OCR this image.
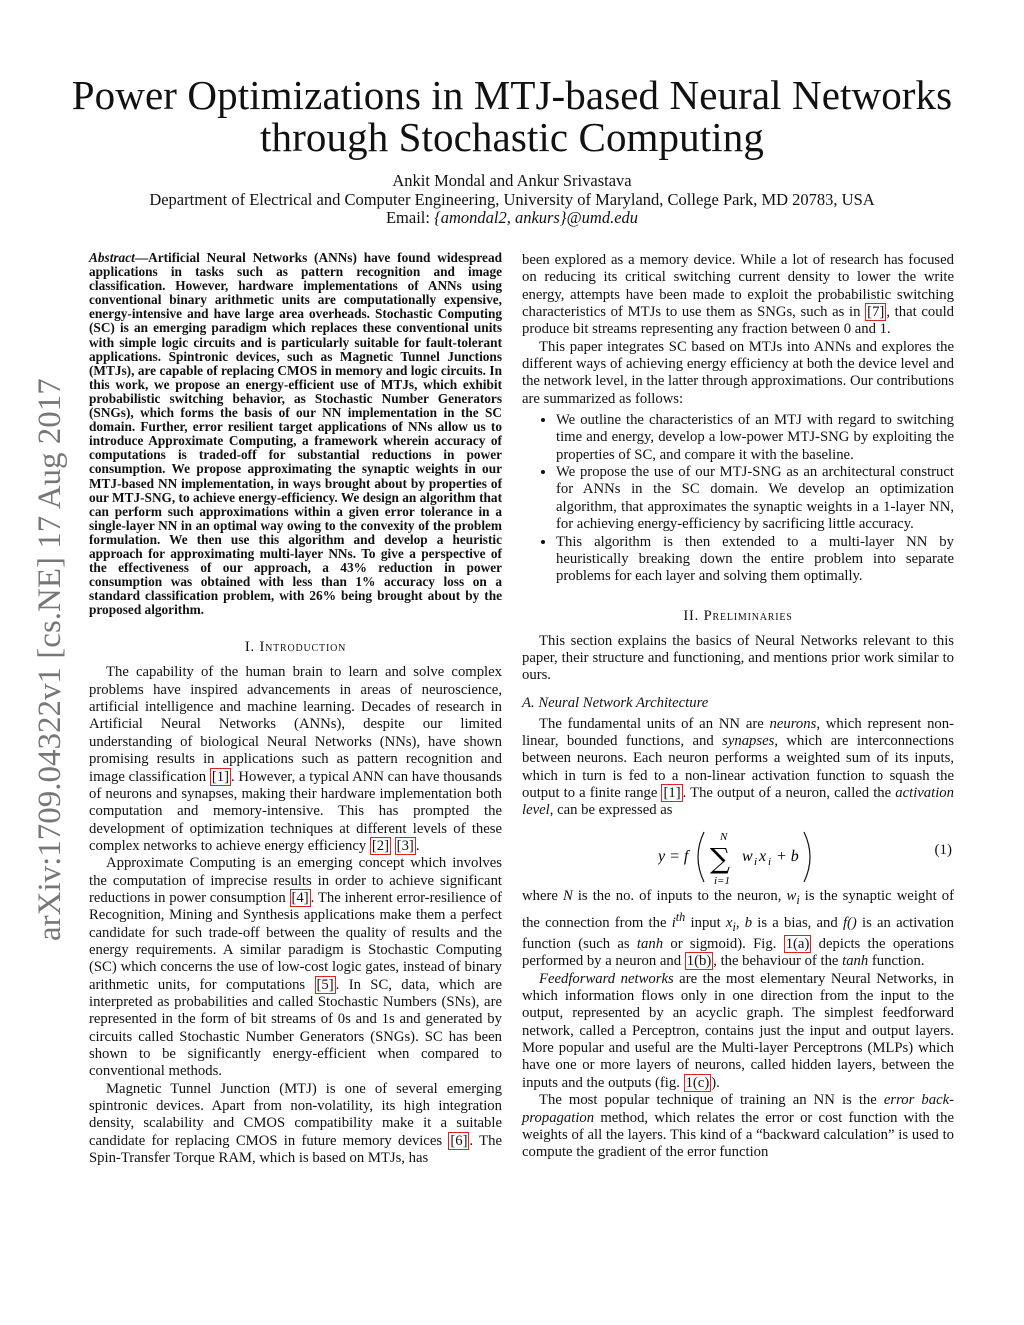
Power Optimizations in MTJ-based Neural Networks
through Stochastic Computing
Ankit Mondal and Ankur Srivastava
Department of Electrical and Computer Engineering, University of Maryland, College Park, MD 20783, USA
Email: {amondal2, ankurs}@umd.edu
arXiv:1709.04322v1 [cs.NE] 17 Aug 2017

Abstract—Artificial Neural Networks (ANNs) have found widespread applications in tasks such as pattern recognition and image classification. However, hardware implementations of ANNs using conventional binary arithmetic units are computationally expensive, energy-intensive and have large area overheads. Stochastic Computing (SC) is an emerging paradigm which replaces these conventional units with simple logic circuits and is particularly suitable for fault-tolerant applications. Spintronic devices, such as Magnetic Tunnel Junctions (MTJs), are capable of replacing CMOS in memory and logic circuits. In this work, we propose an energy-efficient use of MTJs, which exhibit probabilistic switching behavior, as Stochastic Number Generators (SNGs), which forms the basis of our NN implementation in the SC domain. Further, error resilient target applications of NNs allow us to introduce Approximate Computing, a framework wherein accuracy of computations is traded-off for substantial reductions in power consumption. We propose approximating the synaptic weights in our MTJ-based NN implementation, in ways brought about by properties of our MTJ-SNG, to achieve energy-efficiency. We design an algorithm that can perform such approximations within a given error tolerance in a single-layer NN in an optimal way owing to the convexity of the problem formulation. We then use this algorithm and develop a heuristic approach for approximating multi-layer NNs. To give a perspective of the effectiveness of our approach, a 43% reduction in power consumption was obtained with less than 1% accuracy loss on a standard classification problem, with 26% being brought about by the proposed algorithm.

I. Introduction

The capability of the human brain to learn and solve complex problems have inspired advancements in areas of neuroscience, artificial intelligence and machine learning. Decades of research in Artificial Neural Networks (ANNs), despite our limited understanding of biological Neural Networks (NNs), have shown promising results in applications such as pattern recognition and image classification [1] . However, a typical ANN can have thousands of neurons and synapses, making their hardware implementation both computation and memory-intensive. This has prompted the development of optimization techniques at different levels of these complex networks to achieve energy efficiency [2] [3] .

Approximate Computing is an emerging concept which involves the computation of imprecise results in order to achieve significant reductions in power consumption [4] . The inherent error-resilience of Recognition, Mining and Synthesis applications make them a perfect candidate for such trade-off between the quality of results and the energy requirements. A similar paradigm is Stochastic Computing (SC) which concerns the use of low-cost logic gates, instead of binary arithmetic units, for computations [5] . In SC, data, which are interpreted as probabilities and called Stochastic Numbers (SNs), are represented in the form of bit streams of 0s and 1s and generated by circuits called Stochastic Number Generators (SNGs). SC has been shown to be significantly energy-efficient when compared to conventional methods.

Magnetic Tunnel Junction (MTJ) is one of several emerging spintronic devices. Apart from non-volatility, its high integration density, scalability and CMOS compatibility make it a suitable candidate for replacing CMOS in future memory devices [6] . The Spin-Transfer Torque RAM, which is based on MTJs, has

been explored as a memory device. While a lot of research has focused on reducing its critical switching current density to lower the write energy, attempts have been made to exploit the probabilistic switching characteristics of MTJs to use them as SNGs, such as in [7] , that could produce bit streams representing any fraction between 0 and 1.

This paper integrates SC based on MTJs into ANNs and explores the different ways of achieving energy efficiency at both the device level and the network level, in the latter through approximations. Our contributions are summarized as follows:

• We outline the characteristics of an MTJ with regard to switching time and energy, develop a low-power MTJ-SNG by exploiting the properties of SC, and compare it with the baseline.
• We propose the use of our MTJ-SNG as an architectural construct for ANNs in the SC domain. We develop an optimization algorithm, that approximates the synaptic weights in a 1-layer NN, for achieving energy-efficiency by sacrificing little accuracy.
• This algorithm is then extended to a multi-layer NN by heuristically breaking down the entire problem into separate problems for each layer and solving them optimally.
II. Preliminaries

This section explains the basics of Neural Networks relevant to this paper, their structure and functioning, and mentions prior work similar to ours.

A. Neural Network Architecture

The fundamental units of an NN are neurons, which represent non-linear, bounded functions, and synapses, which are interconnections between neurons. Each neuron performs a weighted sum of its inputs, which in turn is fed to a non-linear activation function to squash the output to a finite range [1] . The output of a neuron, called the activation level, can be expressed as

y = f
N
∑
i=1
w i x i + b	(1)

where N is the no. of inputs to the neuron, $w_i$ is the synaptic weight of the connection from the $i^{th}$ input $x_i$, b is a bias, and f() is an activation function (such as tanh or sigmoid). Fig. 1(a) depicts the operations performed by a neuron and 1(b) , the behaviour of the tanh function.

Feedforward networks are the most elementary Neural Networks, in which information flows only in one direction from the input to the output, represented by an acyclic graph. The simplest feedforward network, called a Perceptron, contains just the input and output layers. More popular and useful are the Multi-layer Perceptrons (MLPs) which have one or more layers of neurons, called hidden layers, between the inputs and the outputs (fig. 1(c) ).

The most popular technique of training an NN is the error back-propagation method, which relates the error or cost function with the weights of all the layers. This kind of a “backward calculation” is used to compute the gradient of the error function
